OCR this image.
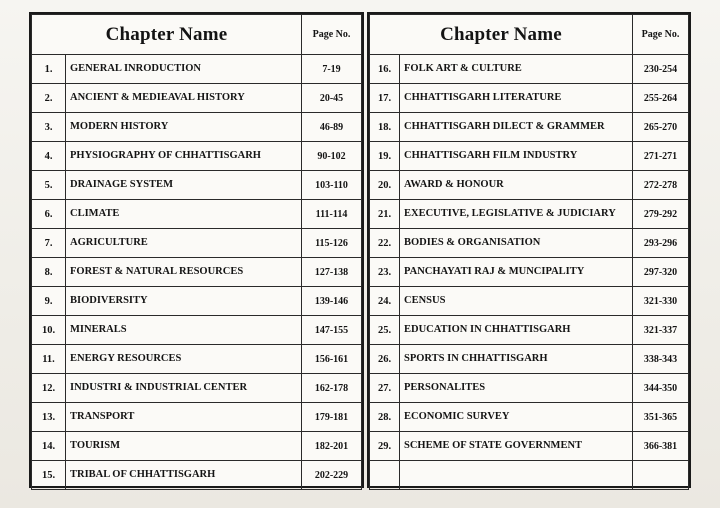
Chapter Name		Page No.
1.	GENERAL INRODUCTION	7-19
2.	ANCIENT & MEDIEAVAL HISTORY	20-45
3.	MODERN HISTORY	46-89
4.	PHYSIOGRAPHY OF CHHATTISGARH	90-102
5.	DRAINAGE SYSTEM	103-110
6.	CLIMATE	111-114
7.	AGRICULTURE	115-126
8.	FOREST & NATURAL RESOURCES	127-138
9.	BIODIVERSITY	139-146
10.	MINERALS	147-155
11.	ENERGY RESOURCES	156-161
12.	INDUSTRI & INDUSTRIAL CENTER	162-178
13.	TRANSPORT	179-181
14.	TOURISM	182-201
15.	TRIBAL OF CHHATTISGARH	202-229
Chapter Name		Page No.
16.	FOLK ART & CULTURE	230-254
17.	CHHATTISGARH LITERATURE	255-264
18.	CHHATTISGARH DILECT & GRAMMER	265-270
19.	CHHATTISGARH FILM INDUSTRY	271-271
20.	AWARD & HONOUR	272-278
21.	EXECUTIVE, LEGISLATIVE & JUDICIARY	279-292
22.	BODIES & ORGANISATION	293-296
23.	PANCHAYATI RAJ & MUNCIPALITY	297-320
24.	CENSUS	321-330
25.	EDUCATION IN CHHATTISGARH	321-337
26.	SPORTS IN CHHATTISGARH	338-343
27.	PERSONALITES	344-350
28.	ECONOMIC SURVEY	351-365
29.	SCHEME OF STATE GOVERNMENT	366-381
